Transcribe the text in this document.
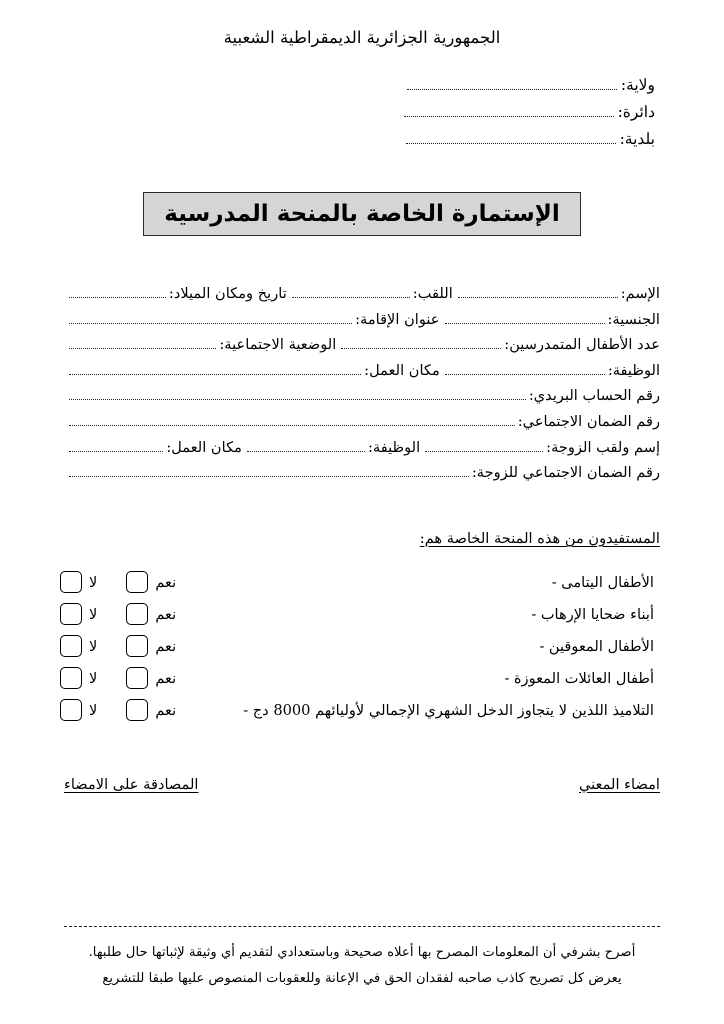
الجمهورية الجزائرية الديمقراطية الشعبية
ولاية:
دائرة:
بلدية:
الإستمارة الخاصة بالمنحة المدرسية
الإسم:
اللقب:
تاريخ ومكان الميلاد:
الجنسية:
عنوان الإقامة:
عدد الأطفال المتمدرسين:
الوضعية الاجتماعية:
الوظيفة:
مكان العمل:
رقم الحساب البريدي:
رقم الضمان الاجتماعي:
إسم ولقب الزوجة:
الوظيفة:
مكان العمل:
رقم الضمان الاجتماعي للزوجة:
المستفيدون من هذه المنحة الخاصة هم:
الأطفال اليتامى
-
نعم
لا
أبناء ضحايا الإرهاب
-
نعم
لا
الأطفال المعوقين
-
نعم
لا
أطفال العائلات المعوزة
-
نعم
لا
التلاميذ اللذين لا يتجاوز الدخل الشهري الإجمالي لأوليائهم 8000 دج
-
نعم
لا
امضاء المعني
المصادقة على الامضاء
أصرح بشرفي أن المعلومات المصرح بها أعلاه صحيحة وباستعدادي لتقديم أي وثيقة لإثباتها حال طلبها.
يعرض كل تصريح كاذب صاحبه لفقدان الحق في الإعانة وللعقوبات المنصوص عليها طبقا للتشريع
